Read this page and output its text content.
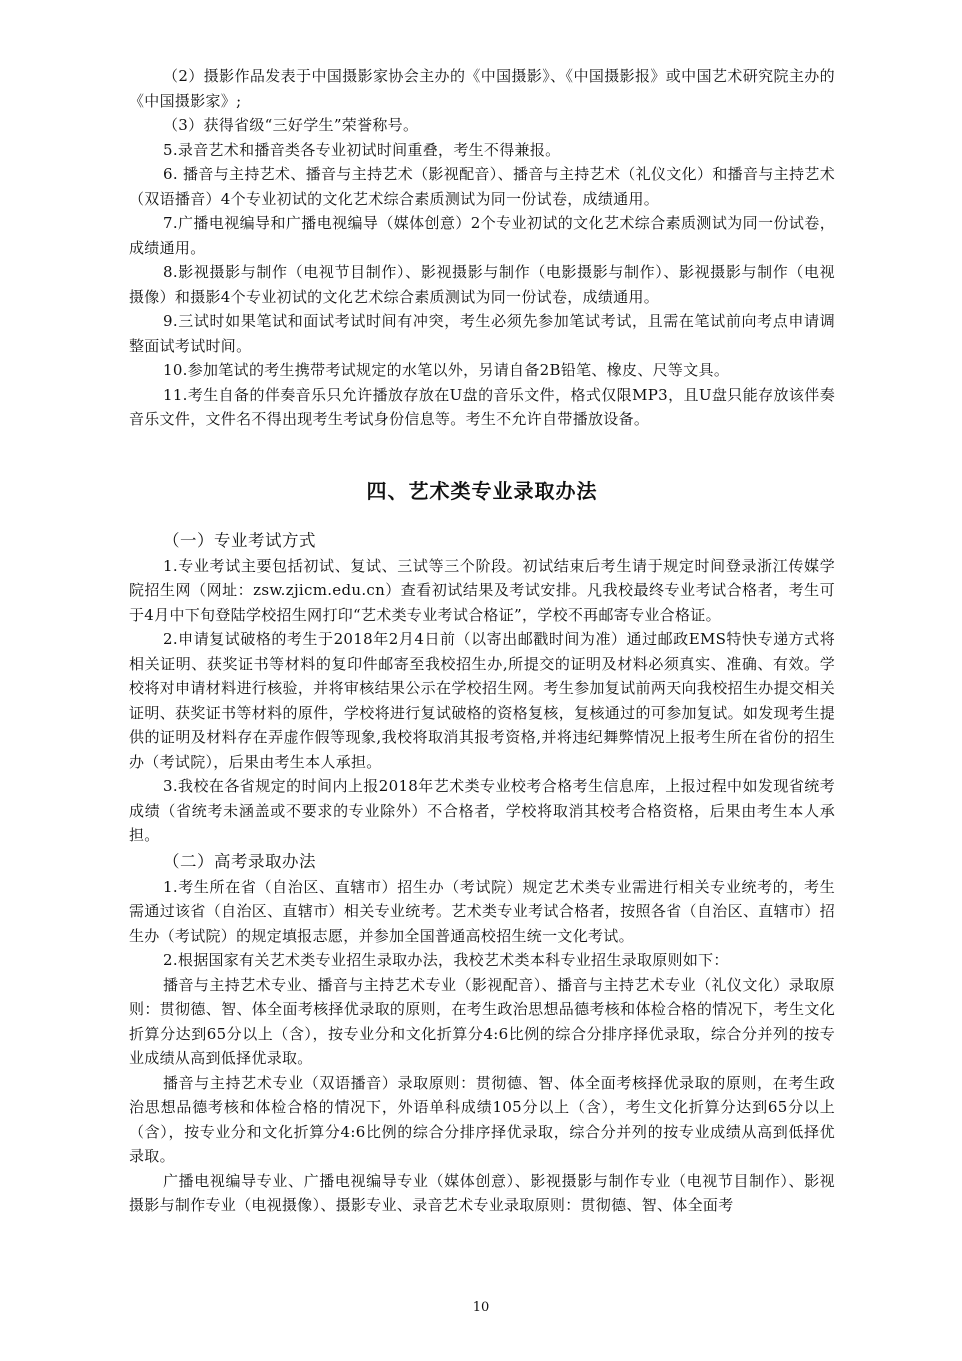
（2）摄影作品发表于中国摄影家协会主办的《中国摄影》、《中国摄影报》或中国艺术研究院主办的《中国摄影家》;

（3）获得省级“三好学生”荣誉称号。

5.录音艺术和播音类各专业初试时间重叠，考生不得兼报。

6. 播音与主持艺术、播音与主持艺术（影视配音）、播音与主持艺术（礼仪文化）和播音与主持艺术（双语播音）4个专业初试的文化艺术综合素质测试为同一份试卷，成绩通用。

7.广播电视编导和广播电视编导（媒体创意）2个专业初试的文化艺术综合素质测试为同一份试卷，成绩通用。

8.影视摄影与制作（电视节目制作）、影视摄影与制作（电影摄影与制作）、影视摄影与制作（电视摄像）和摄影4个专业初试的文化艺术综合素质测试为同一份试卷，成绩通用。

9.三试时如果笔试和面试考试时间有冲突，考生必须先参加笔试考试，且需在笔试前向考点申请调整面试考试时间。

10.参加笔试的考生携带考试规定的水笔以外，另请自备2B铅笔、橡皮、尺等文具。

11.考生自备的伴奏音乐只允许播放存放在U盘的音乐文件，格式仅限MP3，且U盘只能存放该伴奏音乐文件，文件名不得出现考生考试身份信息等。考生不允许自带播放设备。

四、艺术类专业录取办法
（一）专业考试方式

1.专业考试主要包括初试、复试、三试等三个阶段。初试结束后考生请于规定时间登录浙江传媒学院招生网（网址：zsw.zjicm.edu.cn）查看初试结果及考试安排。凡我校最终专业考试合格者，考生可于4月中下旬登陆学校招生网打印“艺术类专业考试合格证”，学校不再邮寄专业合格证。

2.申请复试破格的考生于2018年2月4日前（以寄出邮戳时间为准）通过邮政EMS特快专递方式将相关证明、获奖证书等材料的复印件邮寄至我校招生办,所提交的证明及材料必须真实、准确、有效。学校将对申请材料进行核验，并将审核结果公示在学校招生网。考生参加复试前两天向我校招生办提交相关证明、获奖证书等材料的原件，学校将进行复试破格的资格复核，复核通过的可参加复试。如发现考生提供的证明及材料存在弄虚作假等现象,我校将取消其报考资格,并将违纪舞弊情况上报考生所在省份的招生办（考试院），后果由考生本人承担。

3.我校在各省规定的时间内上报2018年艺术类专业校考合格考生信息库，上报过程中如发现省统考成绩（省统考未涵盖或不要求的专业除外）不合格者，学校将取消其校考合格资格，后果由考生本人承担。

（二）高考录取办法

1.考生所在省（自治区、直辖市）招生办（考试院）规定艺术类专业需进行相关专业统考的，考生需通过该省（自治区、直辖市）相关专业统考。艺术类专业考试合格者，按照各省（自治区、直辖市）招生办（考试院）的规定填报志愿，并参加全国普通高校招生统一文化考试。

2.根据国家有关艺术类专业招生录取办法，我校艺术类本科专业招生录取原则如下：

播音与主持艺术专业、播音与主持艺术专业（影视配音）、播音与主持艺术专业（礼仪文化）录取原则：贯彻德、智、体全面考核择优录取的原则，在考生政治思想品德考核和体检合格的情况下，考生文化折算分达到65分以上（含），按专业分和文化折算分4:6比例的综合分排序择优录取，综合分并列的按专业成绩从高到低择优录取。

播音与主持艺术专业（双语播音）录取原则：贯彻德、智、体全面考核择优录取的原则，在考生政治思想品德考核和体检合格的情况下，外语单科成绩105分以上（含），考生文化折算分达到65分以上（含），按专业分和文化折算分4:6比例的综合分排序择优录取，综合分并列的按专业成绩从高到低择优录取。

广播电视编导专业、广播电视编导专业（媒体创意）、影视摄影与制作专业（电视节目制作）、影视摄影与制作专业（电视摄像）、摄影专业、录音艺术专业录取原则：贯彻德、智、体全面考

10
